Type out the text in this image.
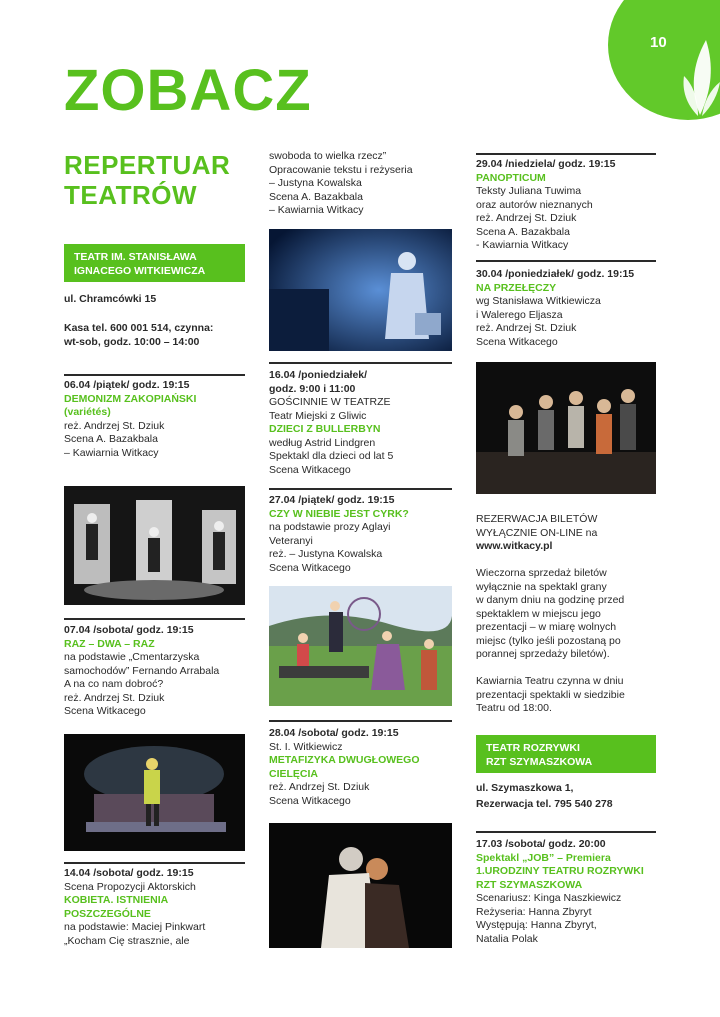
10
ZOBACZ
REPERTUAR
TEATRÓW
TEATR IM. STANISŁAWA
IGNACEGO WITKIEWICZA
ul. Chramcówki 15
Kasa tel. 600 001 514, czynna:
wt-sob, godz. 10:00 – 14:00
06.04 /piątek/ godz. 19:15
DEMONIZM ZAKOPIAŃSKI
(variétés)
reż. Andrzej St. Dziuk
Scena A. Bazakbala
– Kawiarnia Witkacy
07.04 /sobota/ godz. 19:15
RAZ – DWA – RAZ
na podstawie „Cmentarzyska
samochodów” Fernando Arrabala
A na co nam dobroć?
reż. Andrzej St. Dziuk
Scena Witkacego
14.04 /sobota/ godz. 19:15
Scena Propozycji Aktorskich
KOBIETA. ISTNIENIA
POSZCZEGÓLNE
na podstawie: Maciej Pinkwart
„Kocham Cię strasznie, ale
swoboda to wielka rzecz”
Opracowanie tekstu i reżyseria
– Justyna Kowalska
Scena A. Bazakbala
– Kawiarnia Witkacy
16.04 /poniedziałek/
godz. 9:00 i 11:00
GOŚCINNIE W TEATRZE
Teatr Miejski z Gliwic
DZIECI Z BULLERBYN
według Astrid Lindgren
Spektakl dla dzieci od lat 5
Scena Witkacego
27.04 /piątek/ godz. 19:15
CZY W NIEBIE JEST CYRK?
na podstawie prozy Aglayi
Veteranyi
reż. – Justyna Kowalska
Scena Witkacego
28.04 /sobota/ godz. 19:15
St. I. Witkiewicz
METAFIZYKA DWUGŁOWEGO
CIELĘCIA
reż. Andrzej St. Dziuk
Scena Witkacego
29.04 /niedziela/ godz. 19:15
PANOPTICUM
Teksty Juliana Tuwima
oraz autorów nieznanych
reż. Andrzej St. Dziuk
Scena A. Bazakbala
- Kawiarnia Witkacy
30.04 /poniedziałek/ godz. 19:15
NA PRZEŁĘCZY
wg Stanisława Witkiewicza
i Walerego Eljasza
reż. Andrzej St. Dziuk
Scena Witkacego
REZERWACJA BILETÓW
WYŁĄCZNIE ON-LINE na
www.witkacy.pl
Wieczorna sprzedaż biletów
wyłącznie na spektakl grany
w danym dniu na godzinę przed
spektaklem w miejscu jego
prezentacji – w miarę wolnych
miejsc (tylko jeśli pozostaną po
porannej sprzedaży biletów).
Kawiarnia Teatru czynna w dniu
prezentacji spektakli w siedzibie
Teatru od 18:00.
TEATR ROZRYWKI
RZT SZYMASZKOWA
ul. Szymaszkowa 1,
Rezerwacja tel. 795 540 278
17.03 /sobota/ godz. 20:00
Spektakl „JOB” – Premiera
1.URODZINY TEATRU ROZRYWKI
RZT SZYMASZKOWA
Scenariusz: Kinga Naszkiewicz
Reżyseria: Hanna Zbyryt
Występują: Hanna Zbyryt,
Natalia Polak
